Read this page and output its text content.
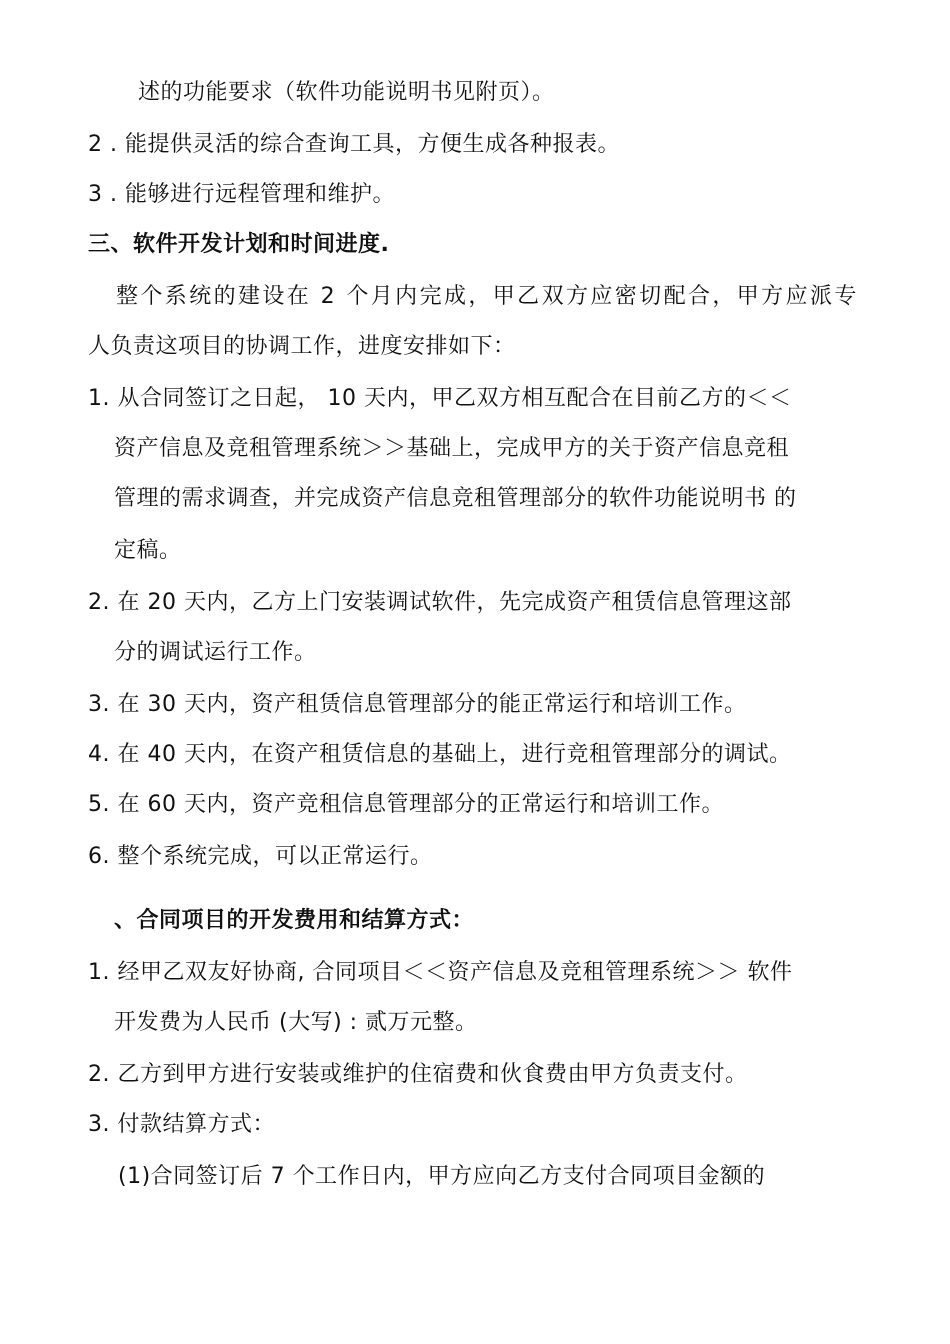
述的功能要求（软件功能说明书见附页）。
2 . 能提供灵活的综合查询工具，方便生成各种报表。
3 . 能够进行远程管理和维护。
三、软件开发计划和时间进度.
整个系统的建设在 2 个月内完成，甲乙双方应密切配合，甲方应派专
人负责这项目的协调工作，进度安排如下：
1. 从合同签订之日起， 10 天内，甲乙双方相互配合在目前乙方的＜＜
资产信息及竞租管理系统＞＞基础上，完成甲方的关于资产信息竞租
管理的需求调查，并完成资产信息竞租管理部分的软件功能说明书 的
定稿。
2. 在 20 天内，乙方上门安装调试软件，先完成资产租赁信息管理这部
分的调试运行工作。
3. 在 30 天内，资产租赁信息管理部分的能正常运行和培训工作。
4. 在 40 天内，在资产租赁信息的基础上，进行竞租管理部分的调试。
5. 在 60 天内，资产竞租信息管理部分的正常运行和培训工作。
6. 整个系统完成，可以正常运行。
、合同项目的开发费用和结算方式：
1. 经甲乙双友好协商, 合同项目＜＜资产信息及竞租管理系统＞＞ 软件
开发费为人民币 (大写) : 贰万元整。
2. 乙方到甲方进行安装或维护的住宿费和伙食费由甲方负责支付。
3. 付款结算方式：
(1)合同签订后 7 个工作日内，甲方应向乙方支付合同项目金额的
